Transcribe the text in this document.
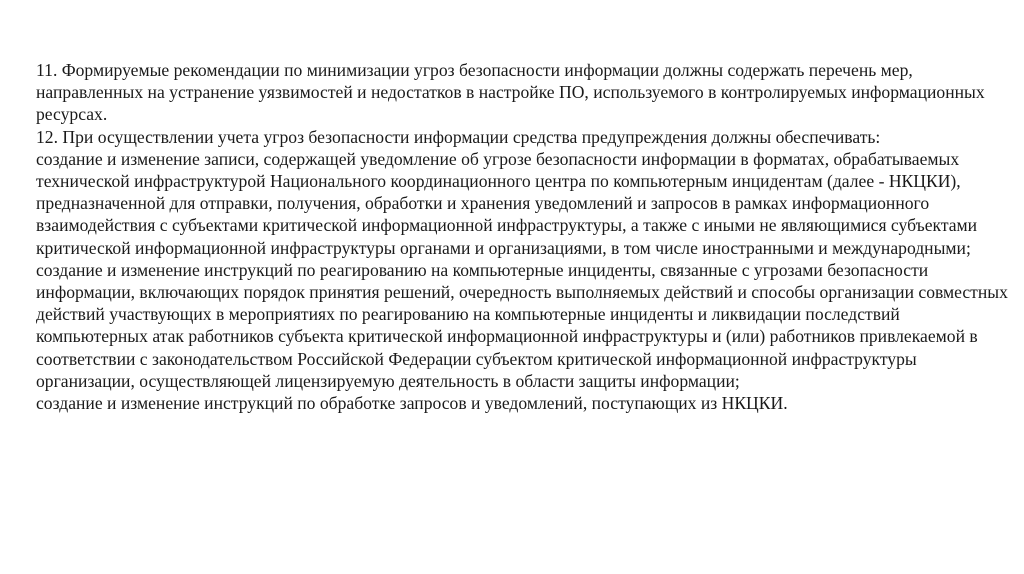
11. Формируемые рекомендации по минимизации угроз безопасности информации должны содержать перечень мер, направленных на устранение уязвимостей и недостатков в настройке ПО, используемого в контролируемых информационных ресурсах.

12. При осуществлении учета угроз безопасности информации средства предупреждения должны обеспечивать:

создание и изменение записи, содержащей уведомление об угрозе безопасности информации в форматах, обрабатываемых технической инфраструктурой Национального координационного центра по компьютерным инцидентам (далее - НКЦКИ), предназначенной для отправки, получения, обработки и хранения уведомлений и запросов в рамках информационного взаимодействия с субъектами критической информационной инфраструктуры, а также с иными не являющимися субъектами критической информационной инфраструктуры органами и организациями, в том числе иностранными и международными;

создание и изменение инструкций по реагированию на компьютерные инциденты, связанные с угрозами безопасности информации, включающих порядок принятия решений, очередность выполняемых действий и способы организации совместных действий участвующих в мероприятиях по реагированию на компьютерные инциденты и ликвидации последствий компьютерных атак работников субъекта критической информационной инфраструктуры и (или) работников привлекаемой в соответствии с законодательством Российской Федерации субъектом критической информационной инфраструктуры организации, осуществляющей лицензируемую деятельность в области защиты информации;

создание и изменение инструкций по обработке запросов и уведомлений, поступающих из НКЦКИ.
